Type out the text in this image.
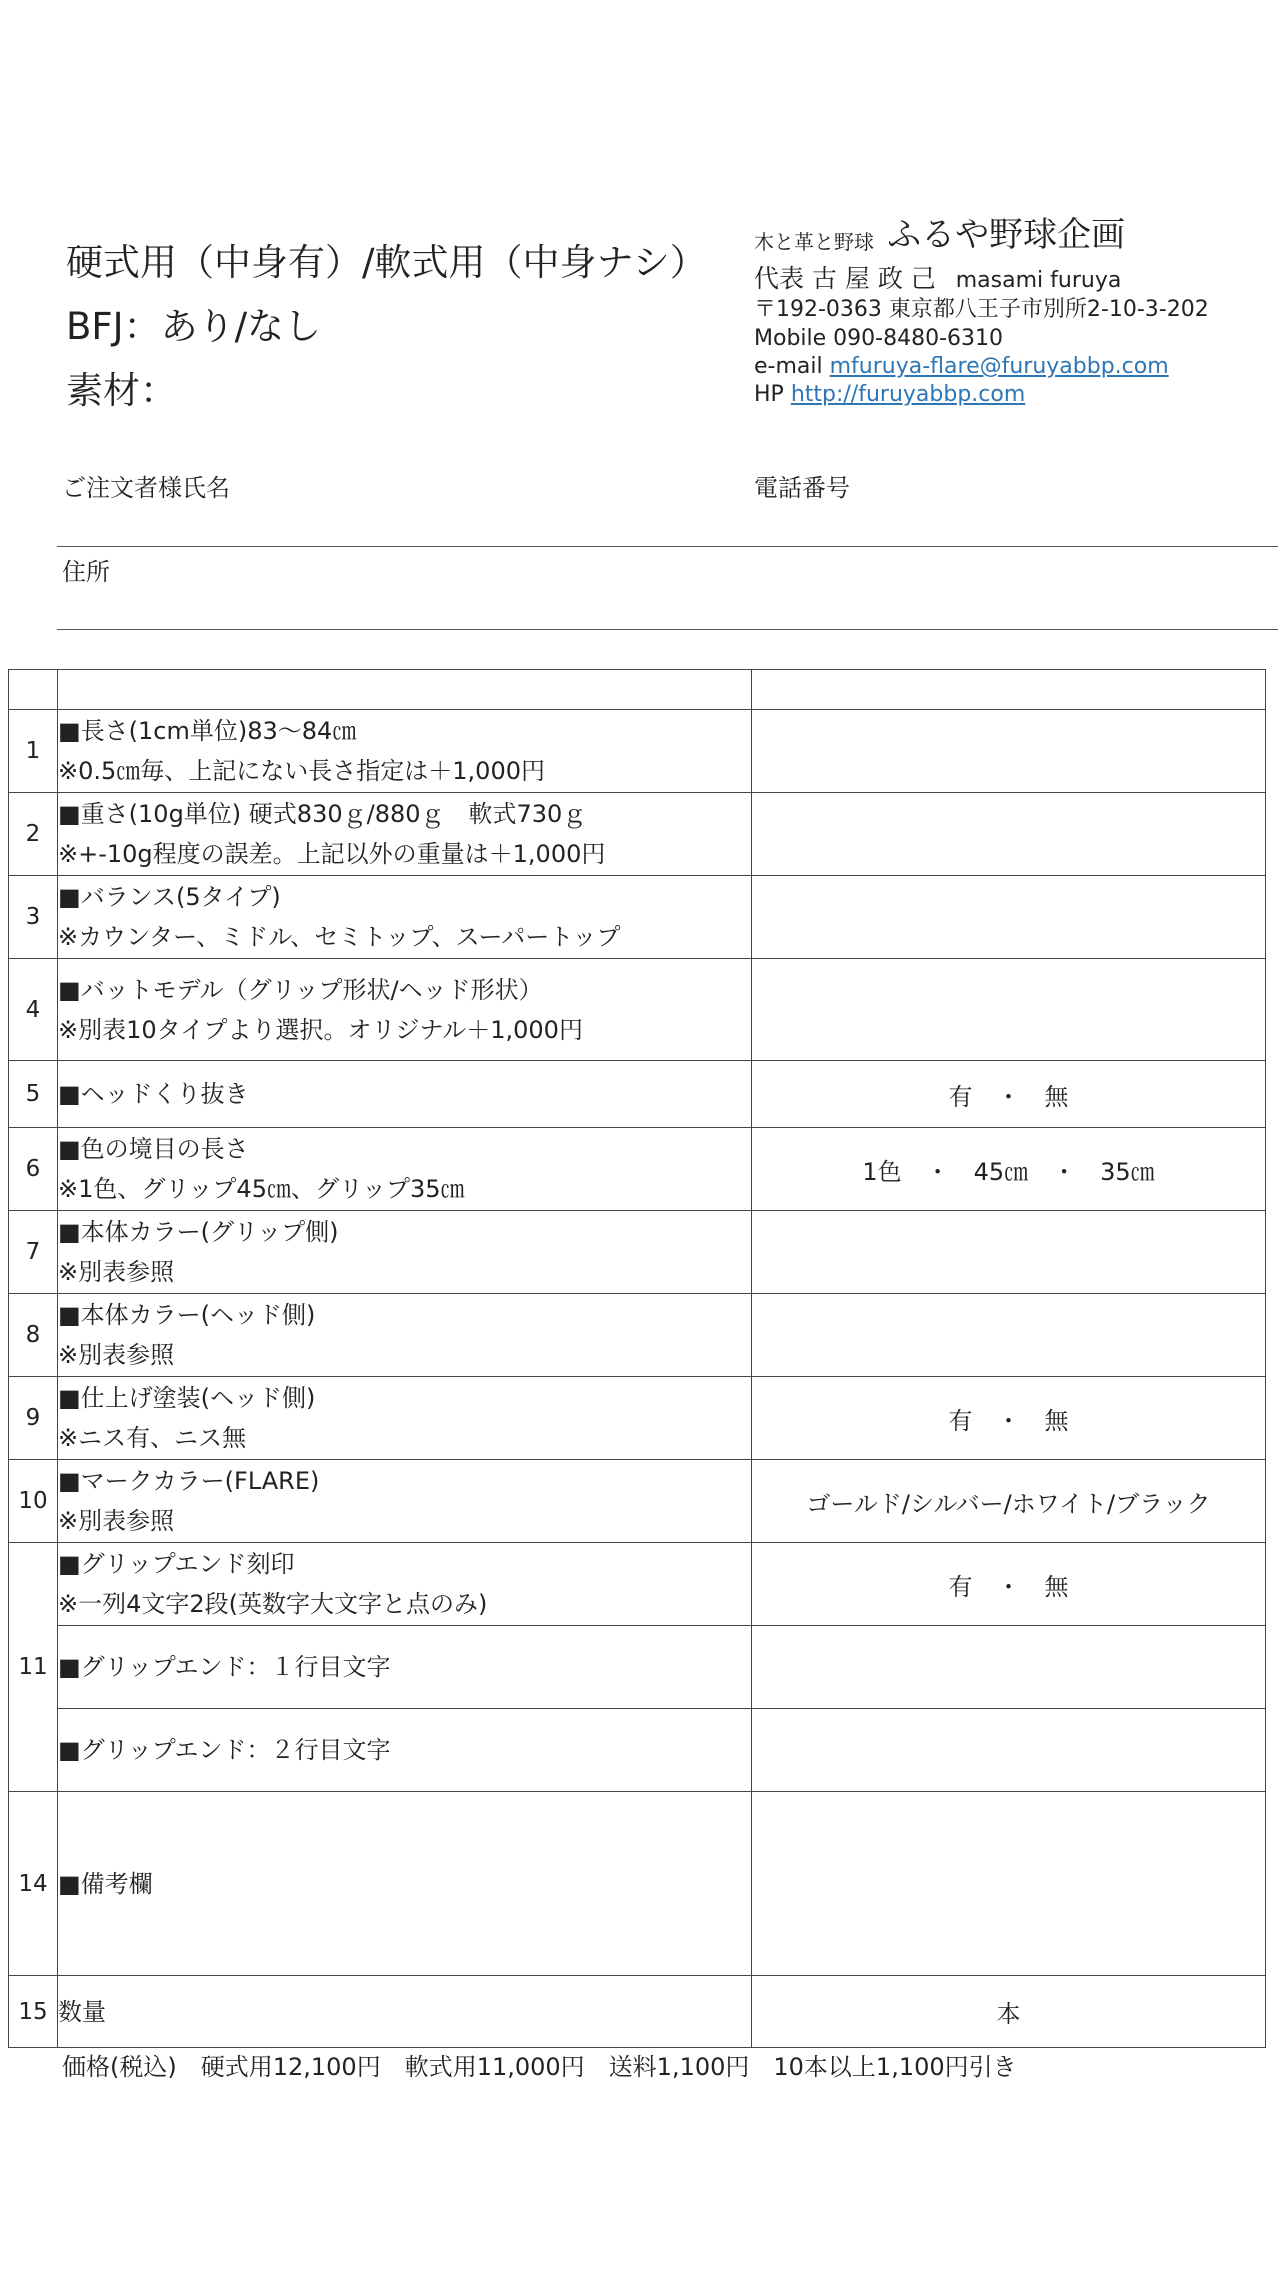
硬式用（中身有）/軟式用（中身ナシ）
BFJ：あり/なし
素材：
木と革と野球 ふるや野球企画
代表 古 屋 政 己 masami furuya
〒192-0363 東京都八王子市別所2-10-3-202
Mobile 090-8480-6310
e-mail mfuruya-flare@furuyabbp.com
HP http://furuyabbp.com
ご注文者様氏名	電話番号
住所

1	■長さ(1cm単位)83～84㎝
※0.5㎝毎、上記にない長さ指定は＋1,000円	

2	■重さ(10g単位) 硬式830ｇ/880ｇ　軟式730ｇ
※+-10g程度の誤差。上記以外の重量は＋1,000円	

3	■バランス(5タイプ)
※カウンター、ミドル、セミトップ、スーパートップ	

4	■バットモデル（グリップ形状/ヘッド形状）
※別表10タイプより選択。オリジナル＋1,000円	

5	■ヘッドくり抜き	有　・　無
6	■色の境目の長さ
※1色、グリップ45㎝、グリップ35㎝	1色　・　45㎝　・　35㎝
7	■本体カラー(グリップ側)
※別表参照	

8	■本体カラー(ヘッド側)
※別表参照	

9	■仕上げ塗装(ヘッド側)
※ニス有、ニス無	有　・　無
10	■マークカラー(FLARE)
※別表参照	ゴールド/シルバー/ホワイト/ブラック
11	■グリップエンド刻印
※一列4文字2段(英数字大文字と点のみ)	有　・　無

	■グリップエンド：１行目文字	

	■グリップエンド：２行目文字	

14	■備考欄	

15	数量	本
価格(税込)　硬式用12,100円　軟式用11,000円　送料1,100円　10本以上1,100円引き
